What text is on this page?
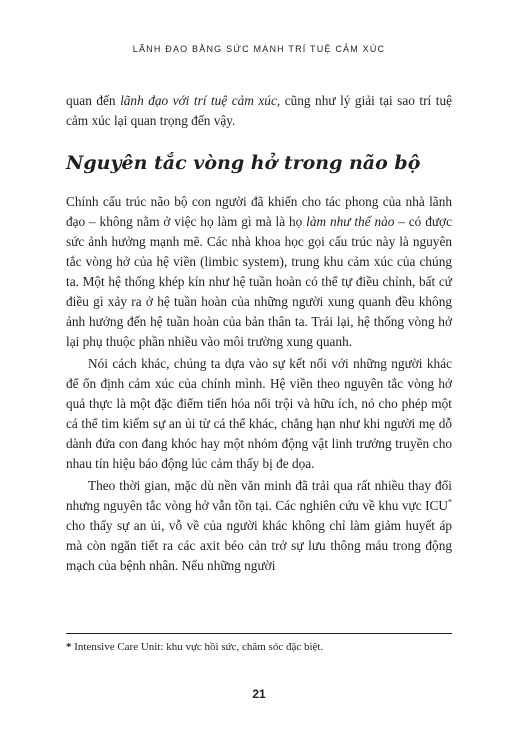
LÃNH ĐẠO BẰNG SỨC MẠNH TRÍ TUỆ CẢM XÚC

quan đến lãnh đạo với trí tuệ cảm xúc, cũng như lý giải tại sao trí tuệ cảm xúc lại quan trọng đến vậy.

Nguyên tắc vòng hở trong não bộ

Chính cấu trúc não bộ con người đã khiến cho tác phong của nhà lãnh đạo – không nằm ở việc họ làm gì mà là họ làm như thế nào – có được sức ảnh hưởng mạnh mẽ. Các nhà khoa học gọi cấu trúc này là nguyên tắc vòng hở của hệ viền (limbic system), trung khu cảm xúc của chúng ta. Một hệ thống khép kín như hệ tuần hoàn có thể tự điều chỉnh, bất cứ điều gì xảy ra ở hệ tuần hoàn của những người xung quanh đều không ảnh hưởng đến hệ tuần hoàn của bản thân ta. Trái lại, hệ thống vòng hở lại phụ thuộc phần nhiều vào môi trường xung quanh.

Nói cách khác, chúng ta dựa vào sự kết nối với những người khác để ổn định cảm xúc của chính mình. Hệ viền theo nguyên tắc vòng hở quả thực là một đặc điểm tiến hóa nổi trội và hữu ích, nó cho phép một cá thể tìm kiếm sự an ủi từ cá thể khác, chẳng hạn như khi người mẹ dỗ dành đứa con đang khóc hay một nhóm động vật linh trưởng truyền cho nhau tín hiệu báo động lúc cảm thấy bị đe dọa.

Theo thời gian, mặc dù nền văn minh đã trải qua rất nhiều thay đổi nhưng nguyên tắc vòng hở vẫn tồn tại. Các nghiên cứu về khu vực ICU* cho thấy sự an ủi, vỗ về của người khác không chỉ làm giảm huyết áp mà còn ngăn tiết ra các axit béo cản trở sự lưu thông máu trong động mạch của bệnh nhân. Nếu những người

* Intensive Care Unit: khu vực hồi sức, chăm sóc đặc biệt.
21
